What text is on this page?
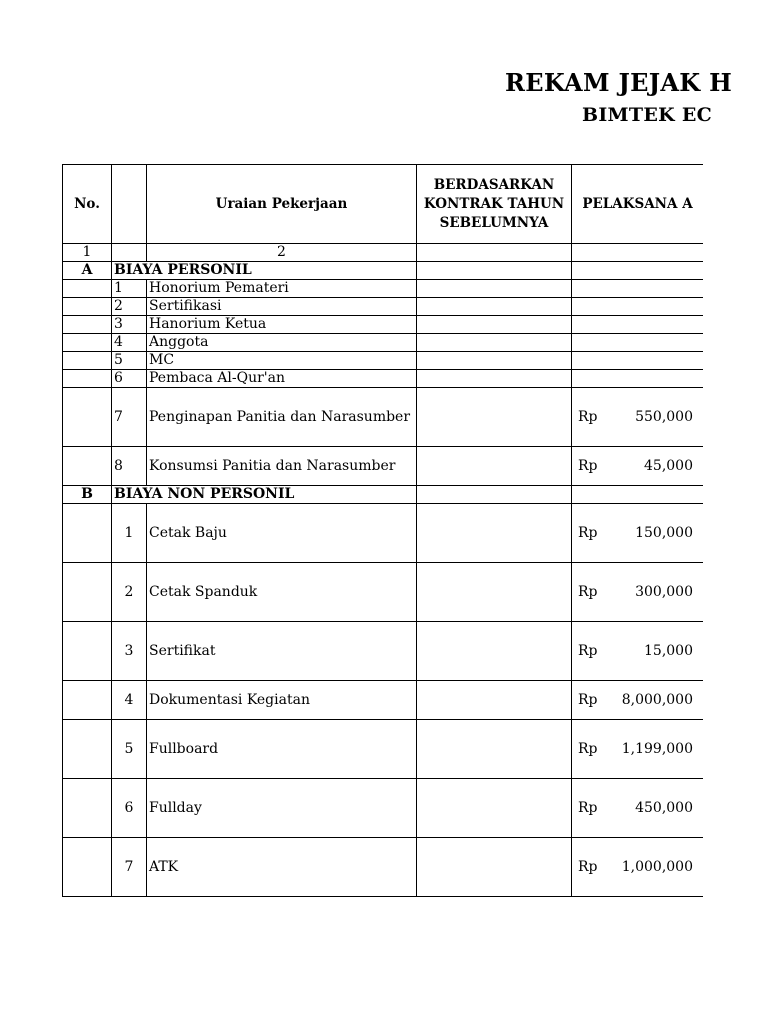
REKAM JEJAK H
BIMTEK EC
No.		Uraian Pekerjaan	BERDASARKAN KONTRAK TAHUN SEBELUMNYA	PELAKSANA A
1		2		
A	BIAYA PERSONIL			
	1	Honorium Pemateri		

	2	Sertifikasi		

	3	Hanorium Ketua		

	4	Anggota		

	5	MC		

	6	Pembaca Al-Qur'an		

	7	Penginapan Panitia dan Narasumber		Rp 550,000

	8	Konsumsi Panitia dan Narasumber		Rp 45,000

B	BIAYA NON PERSONIL			
	1	Cetak Baju		Rp 150,000

	2	Cetak Spanduk		Rp 300,000

	3	Sertifikat		Rp 15,000

	4	Dokumentasi Kegiatan		Rp 8,000,000

	5	Fullboard		Rp 1,199,000

	6	Fullday		Rp 450,000

	7	ATK		Rp 1,000,000
